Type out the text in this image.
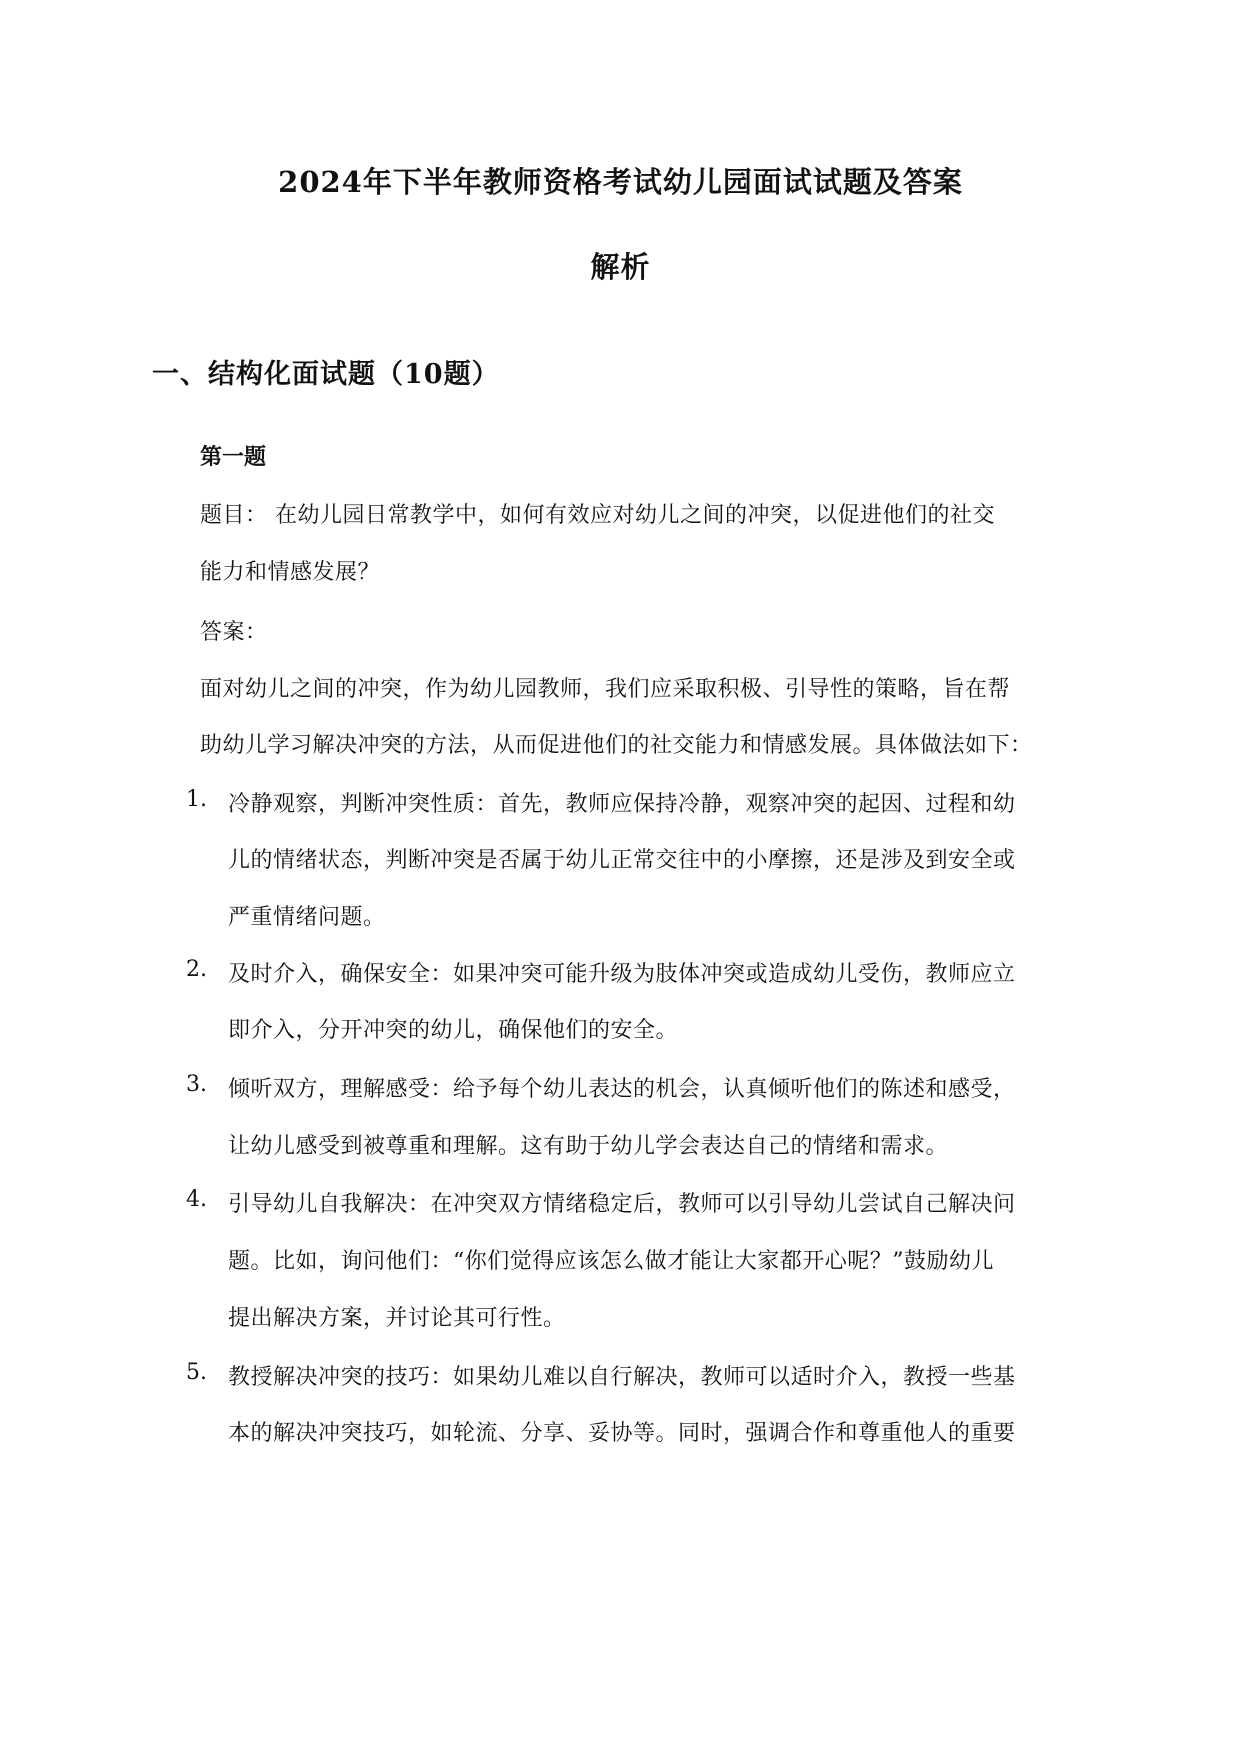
2024年下半年教师资格考试幼儿园面试试题及答案
解析
一、结构化面试题（10题）
第一题
题目： 在幼儿园日常教学中，如何有效应对幼儿之间的冲突，以促进他们的社交
能力和情感发展？
答案：
面对幼儿之间的冲突，作为幼儿园教师，我们应采取积极、引导性的策略，旨在帮
助幼儿学习解决冲突的方法，从而促进他们的社交能力和情感发展。具体做法如下：
1. 冷静观察，判断冲突性质：首先，教师应保持冷静，观察冲突的起因、过程和幼
儿的情绪状态，判断冲突是否属于幼儿正常交往中的小摩擦，还是涉及到安全或
严重情绪问题。
2. 及时介入，确保安全：如果冲突可能升级为肢体冲突或造成幼儿受伤，教师应立
即介入，分开冲突的幼儿，确保他们的安全。
3. 倾听双方，理解感受：给予每个幼儿表达的机会，认真倾听他们的陈述和感受，
让幼儿感受到被尊重和理解。这有助于幼儿学会表达自己的情绪和需求。
4. 引导幼儿自我解决：在冲突双方情绪稳定后，教师可以引导幼儿尝试自己解决问
题。比如，询问他们：“你们觉得应该怎么做才能让大家都开心呢？”鼓励幼儿
提出解决方案，并讨论其可行性。
5. 教授解决冲突的技巧：如果幼儿难以自行解决，教师可以适时介入，教授一些基
本的解决冲突技巧，如轮流、分享、妥协等。同时，强调合作和尊重他人的重要
